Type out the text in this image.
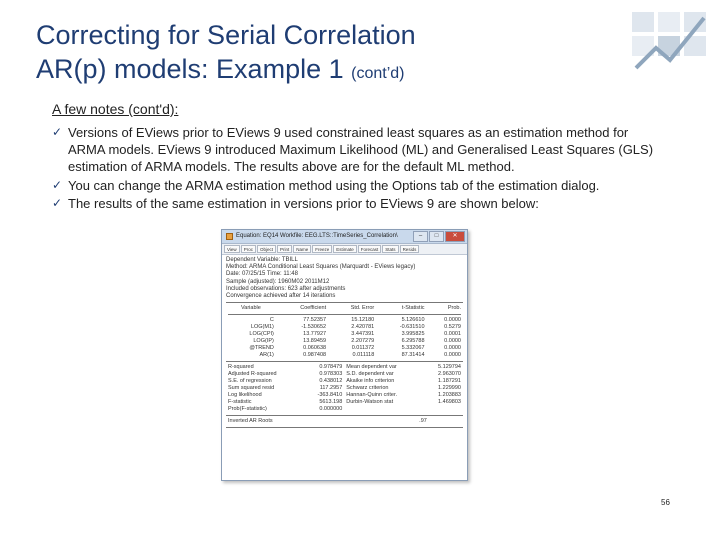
Correcting for Serial Correlation
AR(p) models: Example 1 (cont’d)
A few notes (cont'd):
✓ Versions of EViews prior to EViews 9 used constrained least squares as an estimation method for ARMA models. EViews 9 introduced Maximum Likelihood (ML) and Generalised Least Squares (GLS) estimation of ARMA models. The results above are for the default ML method.
✓ You can change the ARMA estimation method using the Options tab of the estimation dialog.
✓ The results of the same estimation in versions prior to EViews 9 are shown below:
Equation: EQ14 Workfile: EEG.LTS::TimeSeries_Correlation\	–	□	✕
View	Proc	Object	Print	Name	Freeze	Estimate	Forecast	Stats	Resids
Dependent Variable: TBILL
Method: ARMA Conditional Least Squares (Marquardt - EViews legacy)
Date: 07/25/15 Time: 11:48
Sample (adjusted): 1960M02 2011M12
Included observations: 623 after adjustments
Convergence achieved after 14 iterations
Variable	Coefficient	Std. Error	t-Statistic	Prob.

C	77.52357	15.12180	5.126610	0.0000
LOG(M1)	-1.530652	2.420781	-0.631510	0.5279
LOG(CPI)	13.77927	3.447391	3.995825	0.0001
LOG(IP)	13.89459	2.207279	6.295788	0.0000
@TREND	0.060638	0.011372	5.332067	0.0000
AR(1)	0.987408	0.011118	87.31414	0.0000
R-squared	0.978479	Mean dependent var	5.129794
Adjusted R-squared	0.978303	S.D. dependent var	2.963070
S.E. of regression	0.438012	Akaike info criterion	1.187291
Sum squared resid	117.2957	Schwarz criterion	1.229990
Log likelihood	-363.8410	Hannan-Quinn criter.	1.203883
F-statistic	5613.198	Durbin-Watson stat	1.469803
Prob(F-statistic)	0.000000		
Inverted AR Roots	.97
56
